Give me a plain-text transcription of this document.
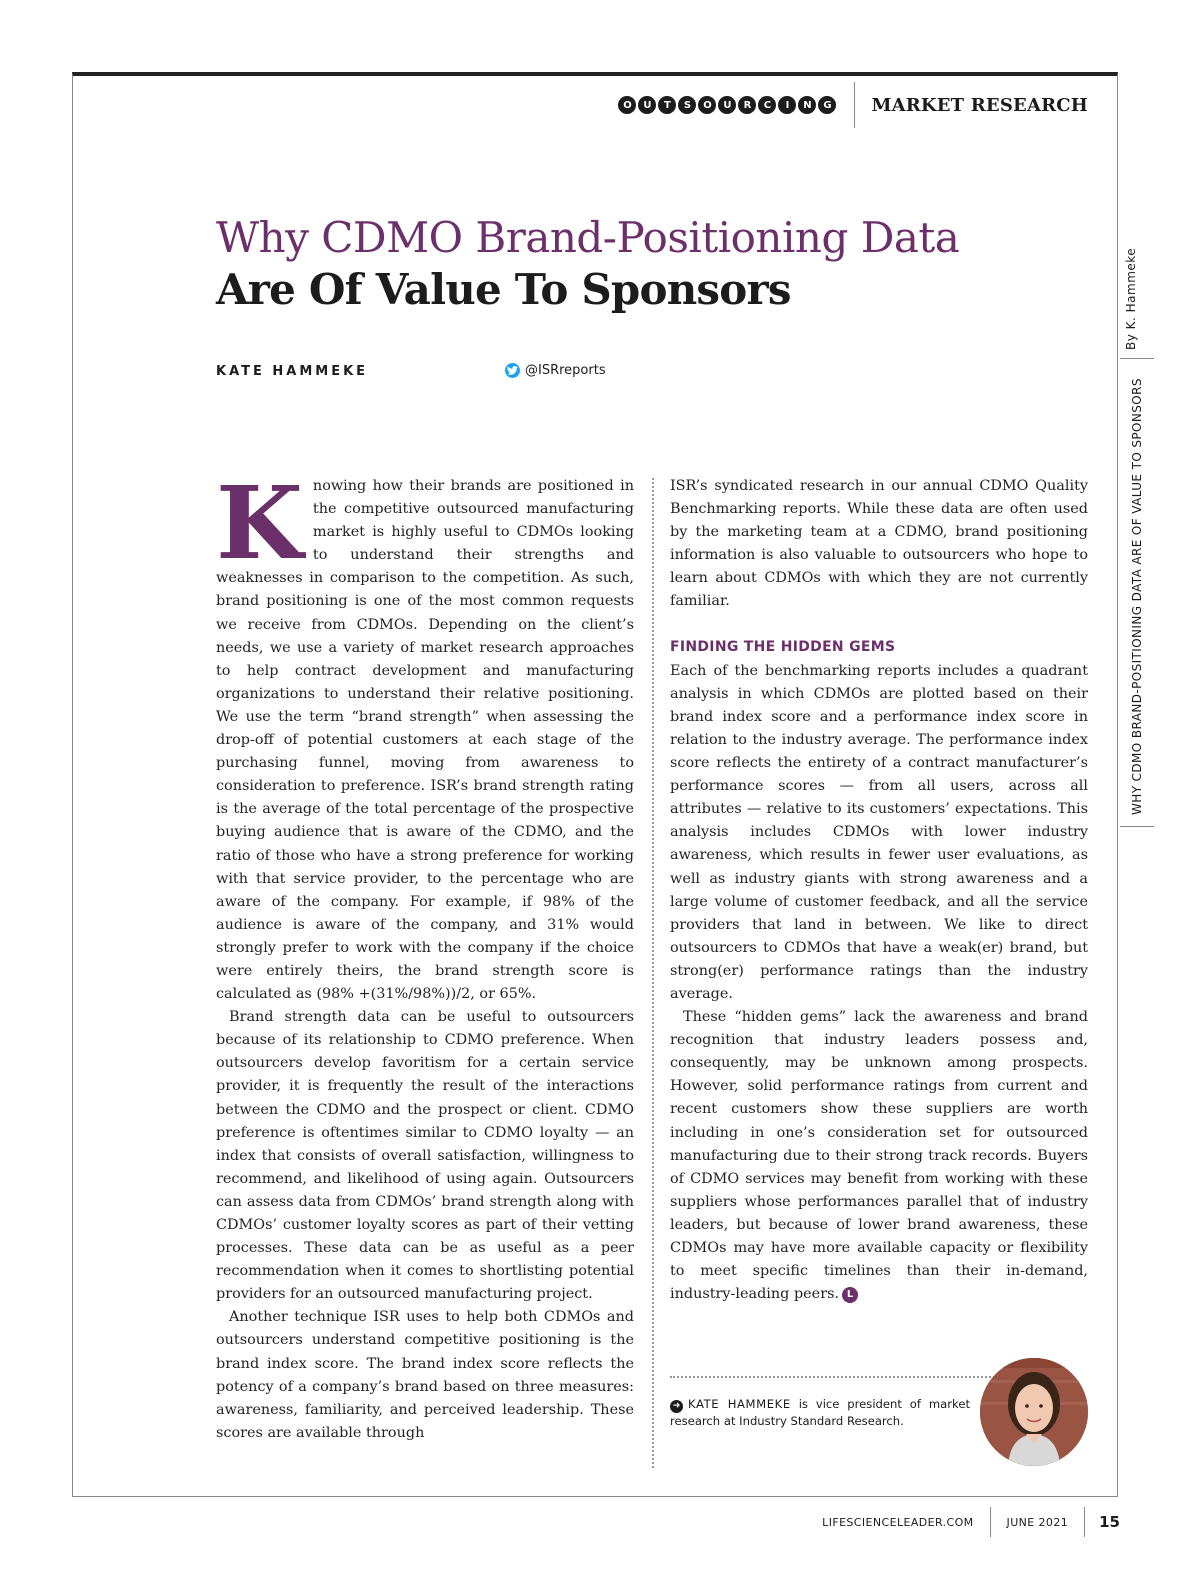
O	U	T	S	O	U	R	C	I	N	G MARKET RESEARCH
Why CDMO Brand-Positioning Data
Are Of Value To Sponsors
KATE HAMMEKE	@ISRreports

Knowing how their brands are positioned in the competitive outsourced manufacturing market is highly useful to CDMOs looking to understand their strengths and weaknesses in comparison to the competition. As such, brand positioning is one of the most common requests we receive from CDMOs. Depending on the client’s needs, we use a variety of market research approaches to help contract development and manufacturing organizations to understand their relative positioning. We use the term “brand strength” when assessing the drop-off of potential customers at each stage of the purchasing funnel, moving from awareness to consideration to preference. ISR’s brand strength rating is the average of the total percentage of the prospective buying audience that is aware of the CDMO, and the ratio of those who have a strong preference for working with that service provider, to the percentage who are aware of the company. For example, if 98% of the audience is aware of the company, and 31% would strongly prefer to work with the company if the choice were entirely theirs, the brand strength score is calculated as (98% +(31%/98%))/2, or 65%.

Brand strength data can be useful to outsourcers because of its relationship to CDMO preference. When outsourcers develop favoritism for a certain service provider, it is frequently the result of the interactions between the CDMO and the prospect or client. CDMO preference is oftentimes similar to CDMO loyalty — an index that consists of overall satisfaction, willingness to recommend, and likelihood of using again. Outsourcers can assess data from CDMOs’ brand strength along with CDMOs’ customer loyalty scores as part of their vetting processes. These data can be as useful as a peer recommendation when it comes to shortlisting potential providers for an outsourced manufacturing project.

Another technique ISR uses to help both CDMOs and outsourcers understand competitive positioning is the brand index score. The brand index score reflects the potency of a company’s brand based on three measures: awareness, familiarity, and perceived leadership. These scores are available through

ISR’s syndicated research in our annual CDMO Quality Benchmarking reports. While these data are often used by the marketing team at a CDMO, brand positioning information is also valuable to outsourcers who hope to learn about CDMOs with which they are not currently familiar.

FINDING THE HIDDEN GEMS

Each of the benchmarking reports includes a quadrant analysis in which CDMOs are plotted based on their brand index score and a performance index score in relation to the industry average. The performance index score reflects the entirety of a contract manufacturer’s performance scores — from all users, across all attributes — relative to its customers’ expectations. This analysis includes CDMOs with lower industry awareness, which results in fewer user evaluations, as well as industry giants with strong awareness and a large volume of customer feedback, and all the service providers that land in between. We like to direct outsourcers to CDMOs that have a weak(er) brand, but strong(er) performance ratings than the industry average.

These “hidden gems” lack the awareness and brand recognition that industry leaders possess and, consequently, may be unknown among prospects. However, solid performance ratings from current and recent customers show these suppliers are worth including in one’s consideration set for outsourced manufacturing due to their strong track records. Buyers of CDMO services may benefit from working with these suppliers whose performances parallel that of industry leaders, but because of lower brand awareness, these CDMOs may have more available capacity or flexibility to meet specific timelines than their in-demand, industry-leading peers. L

➜ KATE HAMMEKE is vice president of market research at Industry Standard Research.
By K. Hammeke
WHY CDMO BRAND-POSITIONING DATA ARE OF VALUE TO SPONSORS
LIFESCIENCELEADER.COM	JUNE 2021	15
